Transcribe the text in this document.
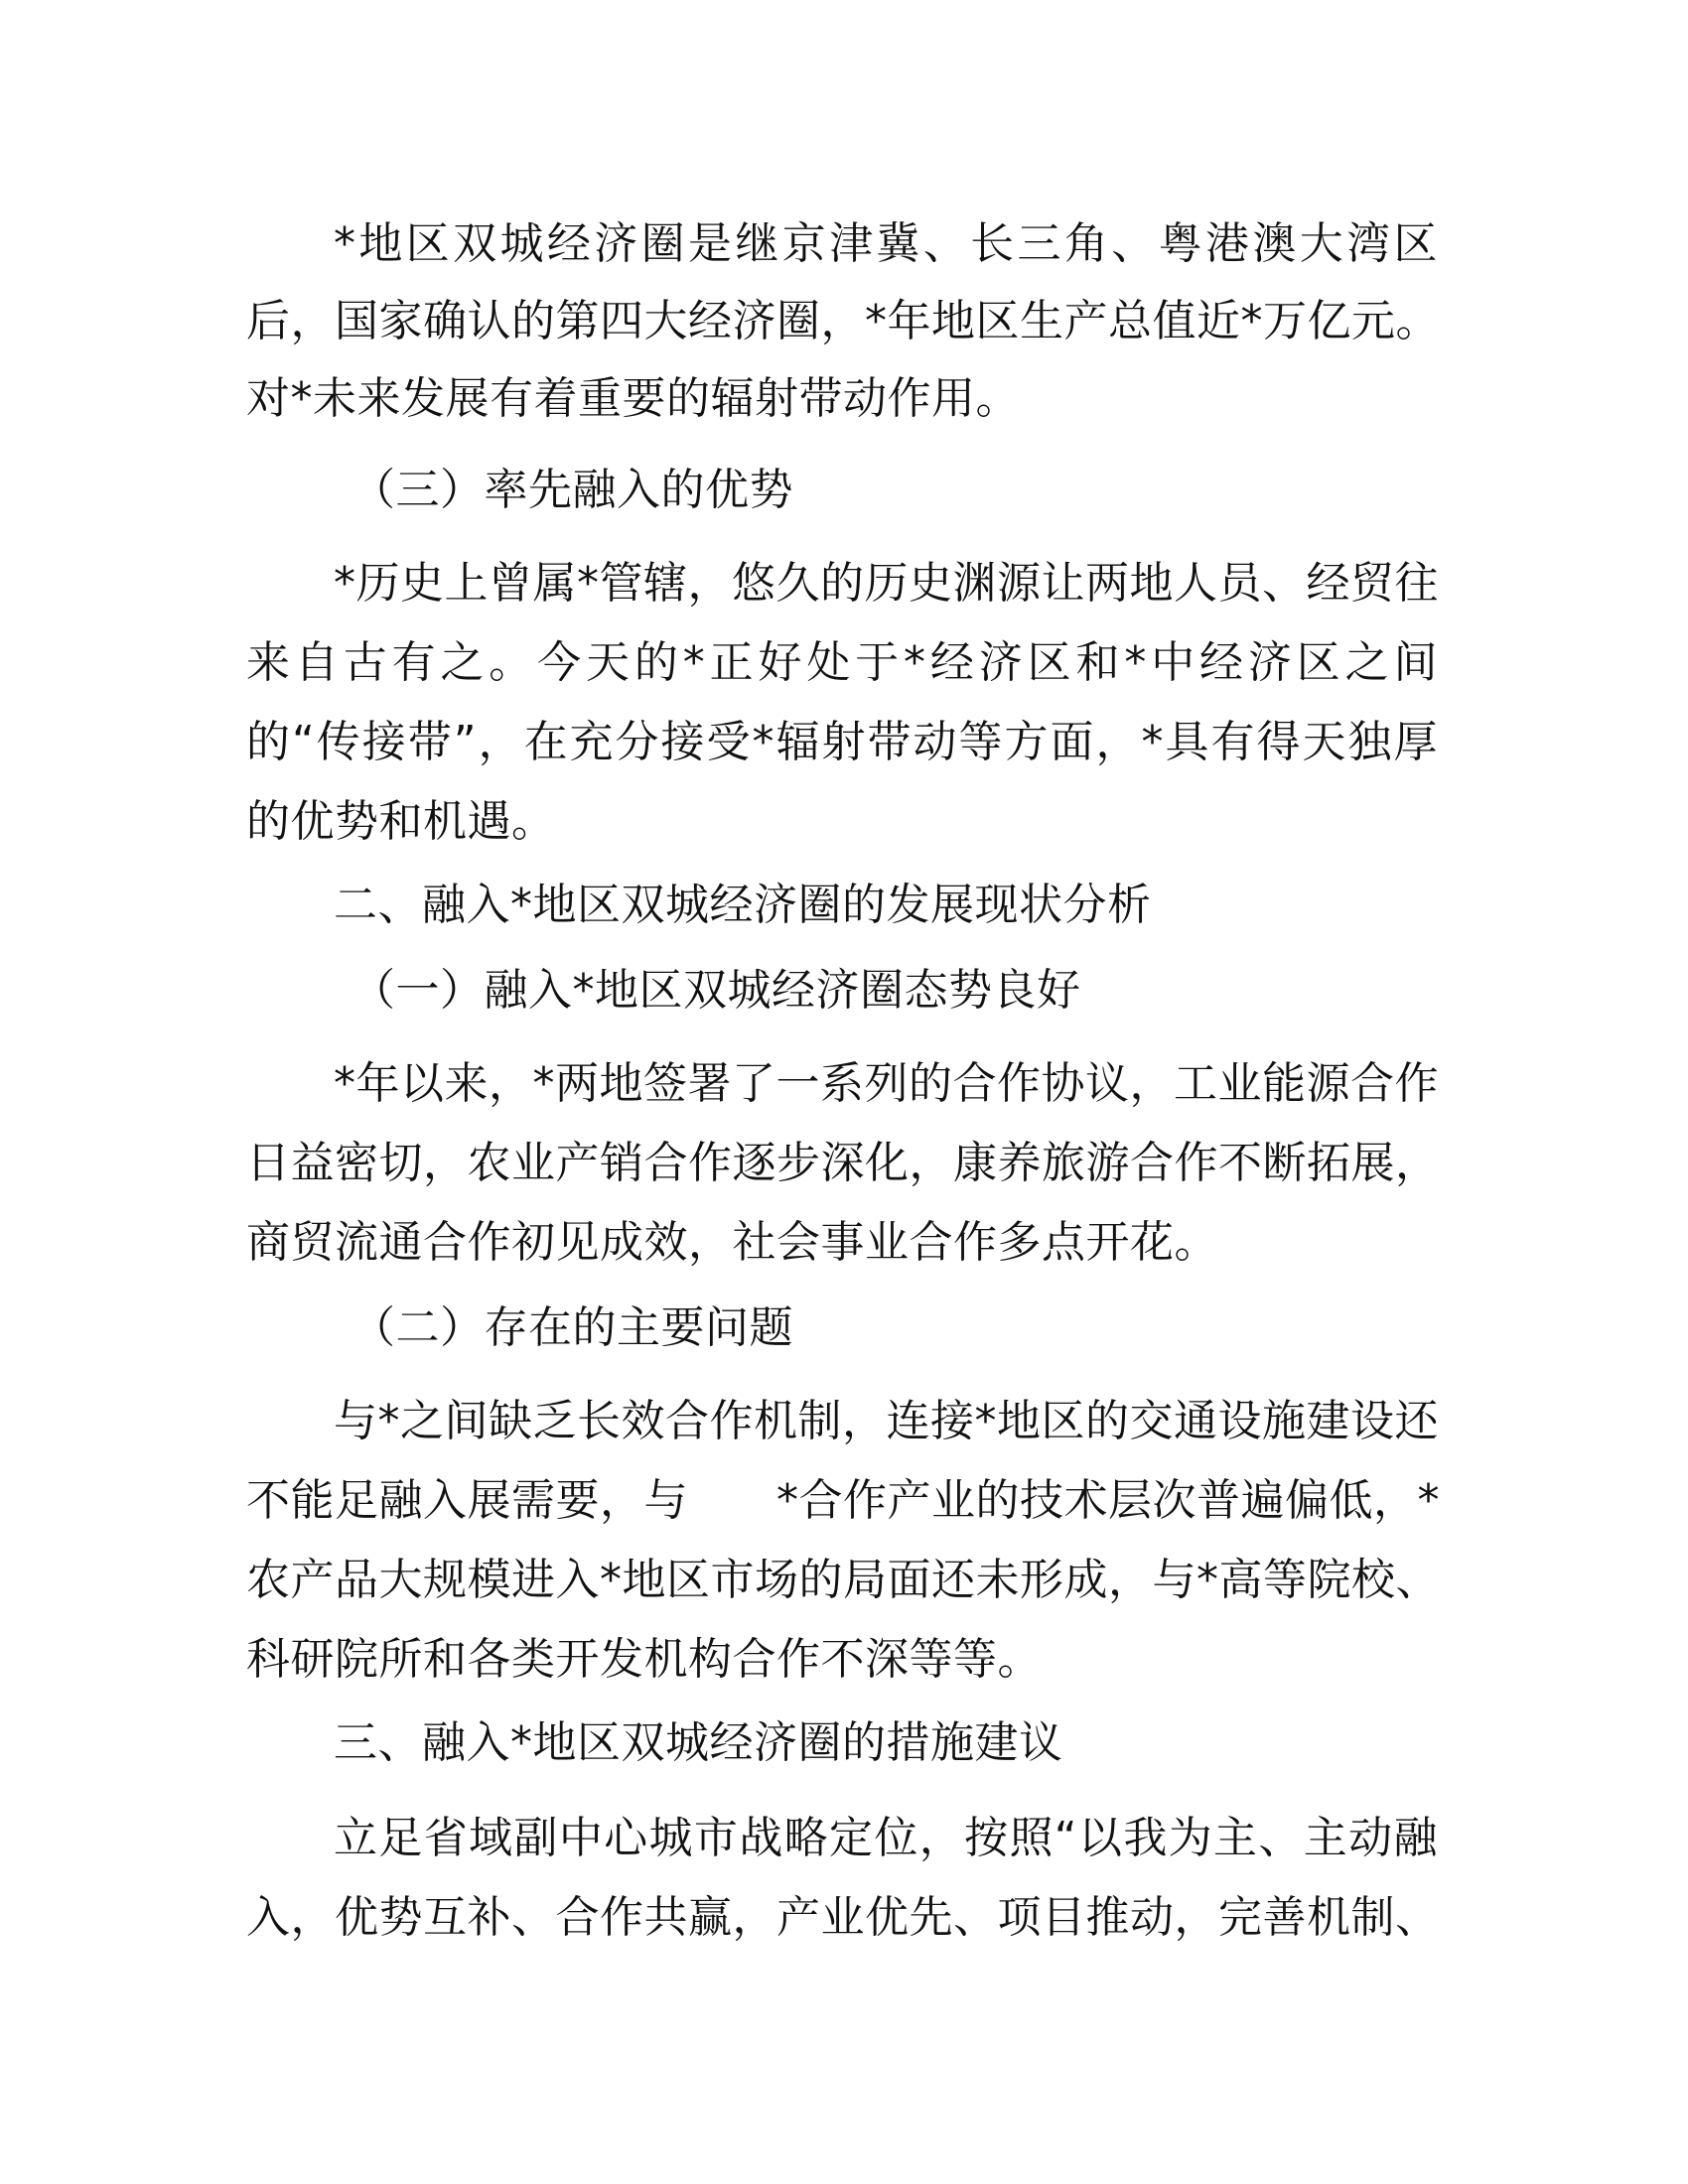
*地区双城经济圈是继京津冀、长三角、粤港澳大湾区
后，国家确认的第四大经济圈，*年地区生产总值近*万亿元。
对*未来发展有着重要的辐射带动作用。
（三）率先融入的优势
*历史上曾属*管辖，悠久的历史渊源让两地人员、经贸往
来自古有之。今天的*正好处于*经济区和*中经济区之间
的“传接带”，在充分接受*辐射带动等方面，*具有得天独厚
的优势和机遇。
二、融入*地区双城经济圈的发展现状分析
（一）融入*地区双城经济圈态势良好
*年以来，*两地签署了一系列的合作协议，工业能源合作
日益密切，农业产销合作逐步深化，康养旅游合作不断拓展，
商贸流通合作初见成效，社会事业合作多点开花。
（二）存在的主要问题
与*之间缺乏长效合作机制，连接*地区的交通设施建设还
不能足融入展需要，与　　*合作产业的技术层次普遍偏低，*
农产品大规模进入*地区市场的局面还未形成，与*高等院校、
科研院所和各类开发机构合作不深等等。
三、融入*地区双城经济圈的措施建议
立足省域副中心城市战略定位，按照“以我为主、主动融
入，优势互补、合作共赢，产业优先、项目推动，完善机制、
